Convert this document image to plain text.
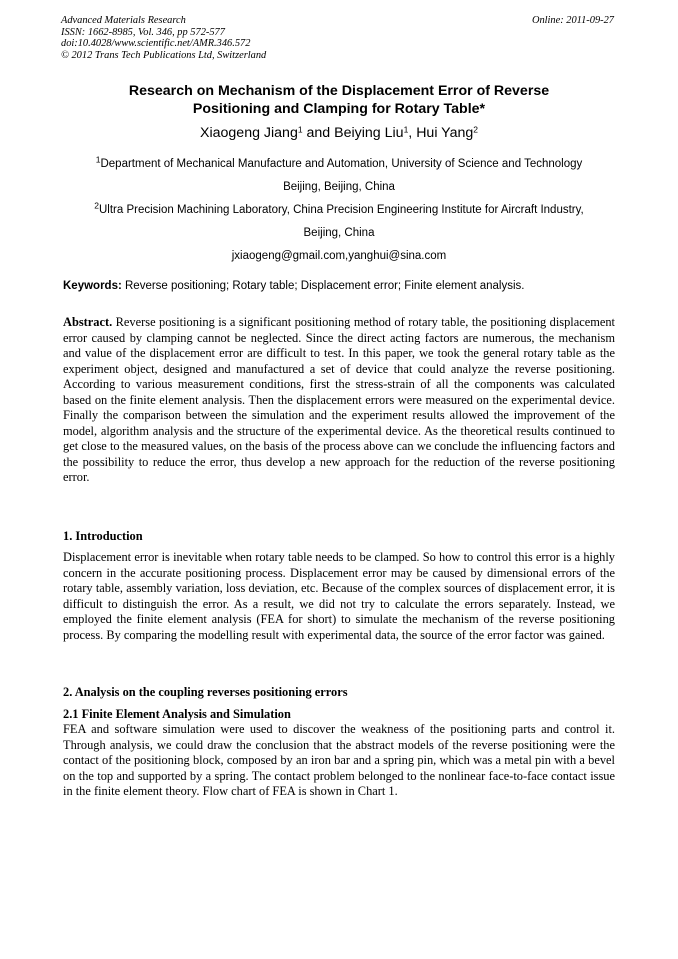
Advanced Materials Research
ISSN: 1662-8985, Vol. 346, pp 572-577
doi:10.4028/www.scientific.net/AMR.346.572
© 2012 Trans Tech Publications Ltd, Switzerland
Online: 2011-09-27
Research on Mechanism of the Displacement Error of Reverse
Positioning and Clamping for Rotary Table*
Xiaogeng Jiang$^1$ and Beiying Liu$^1$, Hui Yang$^2$
$^1$Department of Mechanical Manufacture and Automation, University of Science and Technology
Beijing, Beijing, China
$^2$Ultra Precision Machining Laboratory, China Precision Engineering Institute for Aircraft Industry,
Beijing, China
jxiaogeng@gmail.com,yanghui@sina.com
Keywords: Reverse positioning; Rotary table; Displacement error; Finite element analysis.
Abstract. Reverse positioning is a significant positioning method of rotary table, the positioning displacement error caused by clamping cannot be neglected. Since the direct acting factors are numerous, the mechanism and value of the displacement error are difficult to test. In this paper, we took the general rotary table as the experiment object, designed and manufactured a set of device that could analyze the reverse positioning. According to various measurement conditions, first the stress-strain of all the components was calculated based on the finite element analysis. Then the displacement errors were measured on the experimental device. Finally the comparison between the simulation and the experiment results allowed the improvement of the model, algorithm analysis and the structure of the experimental device. As the theoretical results continued to get close to the measured values, on the basis of the process above can we conclude the influencing factors and the possibility to reduce the error, thus develop a new approach for the reduction of the reverse positioning error.
1. Introduction
Displacement error is inevitable when rotary table needs to be clamped. So how to control this error is a highly concern in the accurate positioning process. Displacement error may be caused by dimensional errors of the rotary table, assembly variation, loss deviation, etc. Because of the complex sources of displacement error, it is difficult to distinguish the error. As a result, we did not try to calculate the errors separately. Instead, we employed the finite element analysis (FEA for short) to simulate the mechanism of the reverse positioning process. By comparing the modelling result with experimental data, the source of the error factor was gained.
2. Analysis on the coupling reverses positioning errors
2.1 Finite Element Analysis and Simulation
FEA and software simulation were used to discover the weakness of the positioning parts and control it. Through analysis, we could draw the conclusion that the abstract models of the reverse positioning were the contact of the positioning block, composed by an iron bar and a spring pin, which was a metal pin with a bevel on the top and supported by a spring. The contact problem belonged to the nonlinear face-to-face contact issue in the finite element theory. Flow chart of FEA is shown in Chart 1.
